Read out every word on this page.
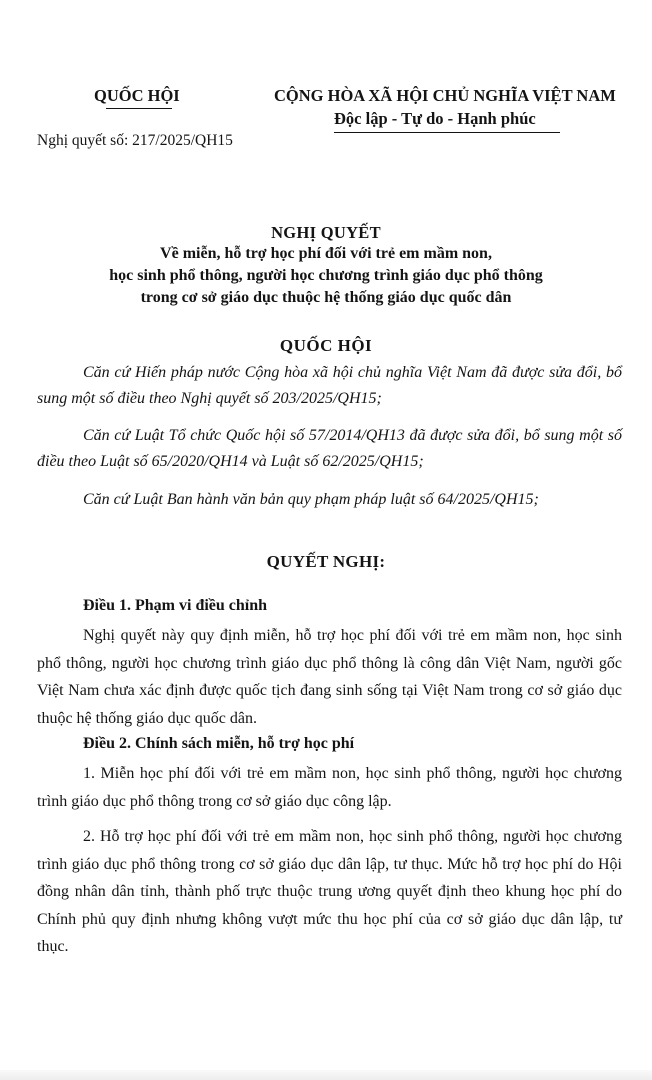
QUỐC HỘI	CỘNG HÒA XÃ HỘI CHỦ NGHĨA VIỆT NAM
Độc lập - Tự do - Hạnh phúc
Nghị quyết số: 217/2025/QH15
NGHỊ QUYẾT
Về miễn, hỗ trợ học phí đối với trẻ em mầm non,
học sinh phổ thông, người học chương trình giáo dục phổ thông
trong cơ sở giáo dục thuộc hệ thống giáo dục quốc dân
QUỐC HỘI
Căn cứ Hiến pháp nước Cộng hòa xã hội chủ nghĩa Việt Nam đã được sửa đổi, bổ sung một số điều theo Nghị quyết số 203/2025/QH15;
Căn cứ Luật Tổ chức Quốc hội số 57/2014/QH13 đã được sửa đổi, bổ sung một số điều theo Luật số 65/2020/QH14 và Luật số 62/2025/QH15;
Căn cứ Luật Ban hành văn bản quy phạm pháp luật số 64/2025/QH15;
QUYẾT NGHỊ:
Điều 1. Phạm vi điều chỉnh
Nghị quyết này quy định miễn, hỗ trợ học phí đối với trẻ em mầm non, học sinh phổ thông, người học chương trình giáo dục phổ thông là công dân Việt Nam, người gốc Việt Nam chưa xác định được quốc tịch đang sinh sống tại Việt Nam trong cơ sở giáo dục thuộc hệ thống giáo dục quốc dân.
Điều 2. Chính sách miễn, hỗ trợ học phí
1. Miễn học phí đối với trẻ em mầm non, học sinh phổ thông, người học chương trình giáo dục phổ thông trong cơ sở giáo dục công lập.
2. Hỗ trợ học phí đối với trẻ em mầm non, học sinh phổ thông, người học chương trình giáo dục phổ thông trong cơ sở giáo dục dân lập, tư thục. Mức hỗ trợ học phí do Hội đồng nhân dân tỉnh, thành phố trực thuộc trung ương quyết định theo khung học phí do Chính phủ quy định nhưng không vượt mức thu học phí của cơ sở giáo dục dân lập, tư thục.
